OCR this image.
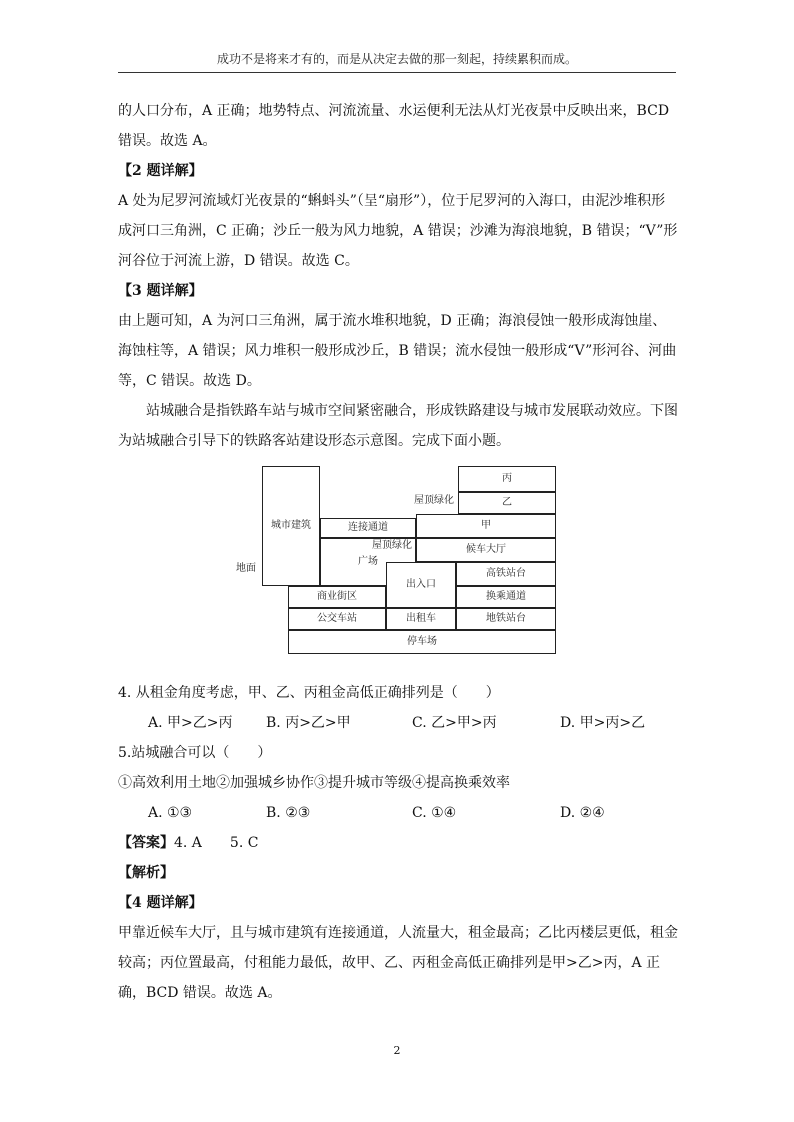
成功不是将来才有的，而是从决定去做的那一刻起，持续累积而成。

的人口分布，A 正确；地势特点、河流流量、水运便利无法从灯光夜景中反映出来，BCD 错误。故选 A。

【2 题详解】

A 处为尼罗河流域灯光夜景的“蝌蚪头”（呈“扇形”），位于尼罗河的入海口，由泥沙堆积形成河口三角洲，C 正确；沙丘一般为风力地貌，A 错误；沙滩为海浪地貌，B 错误；“V”形河谷位于河流上游，D 错误。故选 C。

【3 题详解】

由上题可知，A 为河口三角洲，属于流水堆积地貌，D 正确；海浪侵蚀一般形成海蚀崖、海蚀柱等，A 错误；风力堆积一般形成沙丘，B 错误；流水侵蚀一般形成“V”形河谷、河曲等，C 错误。故选 D。

站城融合是指铁路车站与城市空间紧密融合，形成铁路建设与城市发展联动效应。下图为站城融合引导下的铁路客站建设形态示意图。完成下面小题。

地面
城市建筑	连接通道
广场
屋顶绿化
丙
乙
屋顶绿化
甲
候车大厅
商业街区
公交车站
出入口
出租车
高铁站台
换乘通道
地铁站台
停车场

4. 从租金角度考虑，甲、乙、丙租金高低正确排列是（　　）

A. 甲>乙>丙	B. 丙>乙>甲	C. 乙>甲>丙	D. 甲>丙>乙

5.站城融合可以（　　）

①高效利用土地②加强城乡协作③提升城市等级④提高换乘效率

A. ①③	B. ②③	C. ①④	D. ②④

【答案】4. A　　5. C

【解析】

【4 题详解】

甲靠近候车大厅，且与城市建筑有连接通道，人流量大，租金最高；乙比丙楼层更低，租金较高；丙位置最高，付租能力最低，故甲、乙、丙租金高低正确排列是甲>乙>丙，A 正确，BCD 错误。故选 A。

2
